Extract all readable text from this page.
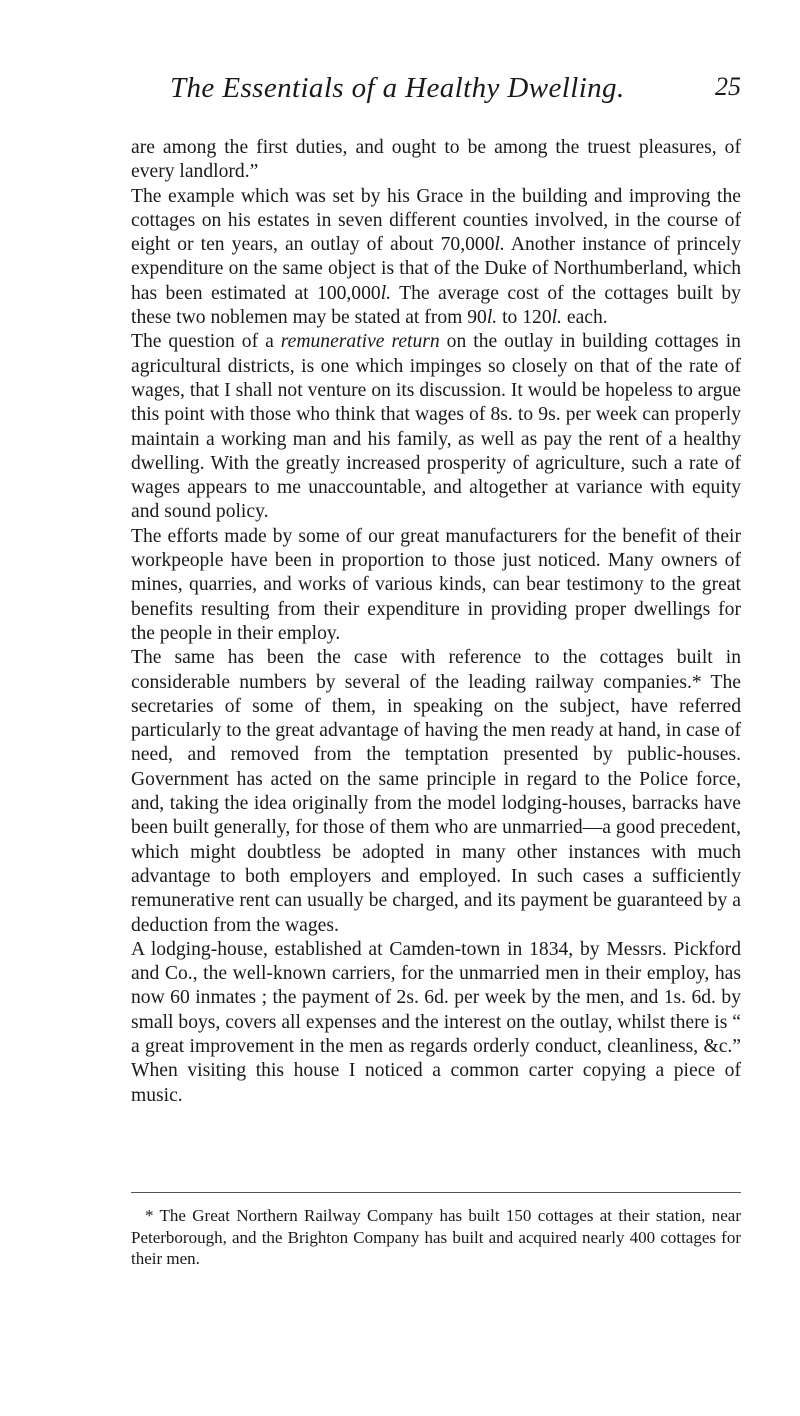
The Essentials of a Healthy Dwelling.	25

are among the first duties, and ought to be among the truest pleasures, of every landlord.”

The example which was set by his Grace in the building and improving the cottages on his estates in seven different counties involved, in the course of eight or ten years, an outlay of about 70,000l. Another instance of princely expenditure on the same object is that of the Duke of Northumberland, which has been estimated at 100,000l. The average cost of the cottages built by these two noblemen may be stated at from 90l. to 120l. each.

The question of a remunerative return on the outlay in building cottages in agricultural districts, is one which impinges so closely on that of the rate of wages, that I shall not venture on its discussion. It would be hopeless to argue this point with those who think that wages of 8s. to 9s. per week can properly maintain a working man and his family, as well as pay the rent of a healthy dwelling. With the greatly increased prosperity of agriculture, such a rate of wages appears to me unaccountable, and altogether at variance with equity and sound policy.

The efforts made by some of our great manufacturers for the benefit of their workpeople have been in proportion to those just noticed. Many owners of mines, quarries, and works of various kinds, can bear testimony to the great benefits resulting from their expenditure in providing proper dwellings for the people in their employ.

The same has been the case with reference to the cottages built in considerable numbers by several of the leading railway companies.* The secretaries of some of them, in speaking on the subject, have referred particularly to the great advantage of having the men ready at hand, in case of need, and removed from the temptation presented by public-houses. Government has acted on the same principle in regard to the Police force, and, taking the idea originally from the model lodging-houses, barracks have been built generally, for those of them who are unmarried—a good precedent, which might doubtless be adopted in many other instances with much advantage to both employers and employed. In such cases a sufficiently remunerative rent can usually be charged, and its payment be guaranteed by a deduction from the wages.

A lodging-house, established at Camden-town in 1834, by Messrs. Pickford and Co., the well-known carriers, for the unmarried men in their employ, has now 60 inmates ; the payment of 2s. 6d. per week by the men, and 1s. 6d. by small boys, covers all expenses and the interest on the outlay, whilst there is “ a great improvement in the men as regards orderly conduct, cleanliness, &c.” When visiting this house I noticed a common carter copying a piece of music.

* The Great Northern Railway Company has built 150 cottages at their station, near Peterborough, and the Brighton Company has built and acquired nearly 400 cottages for their men.
